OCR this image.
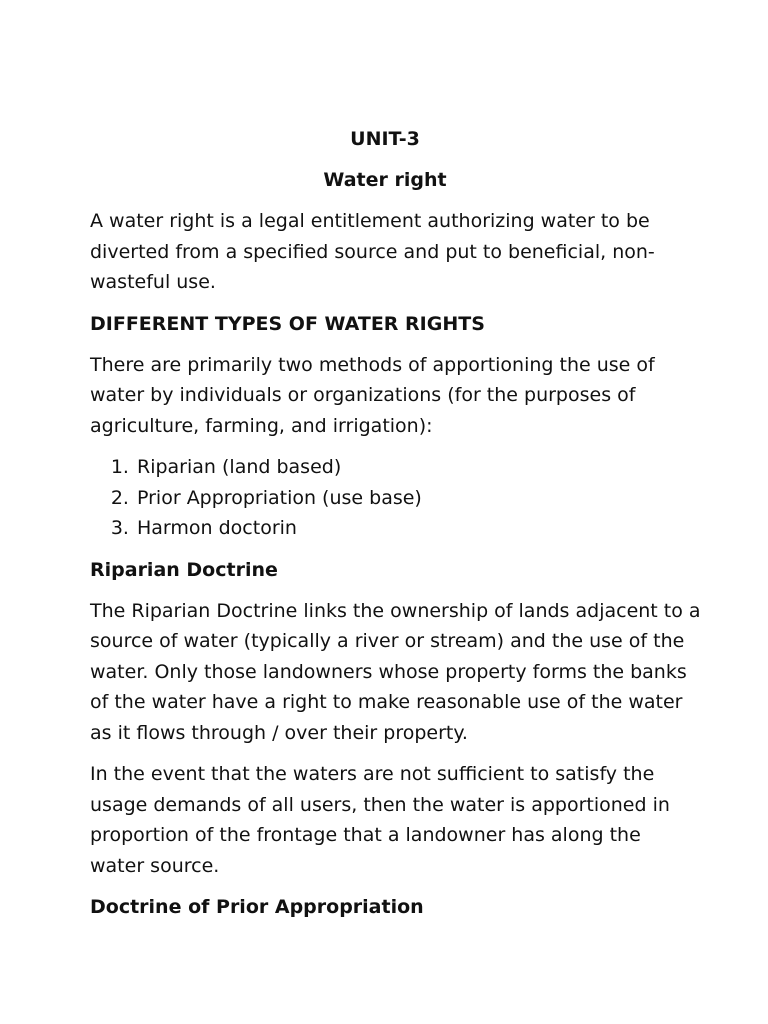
UNIT-3
Water right

A water right is a legal entitlement authorizing water to be
diverted from a specified source and put to beneficial, non-
wasteful use.

DIFFERENT TYPES OF WATER RIGHTS

There are primarily two methods of apportioning the use of
water by individuals or organizations (for the purposes of
agriculture, farming, and irrigation):

1. Riparian (land based)
2. Prior Appropriation (use base)
3. Harmon doctorin
Riparian Doctrine

The Riparian Doctrine links the ownership of lands adjacent to a
source of water (typically a river or stream) and the use of the
water. Only those landowners whose property forms the banks
of the water have a right to make reasonable use of the water
as it flows through / over their property.

In the event that the waters are not sufficient to satisfy the
usage demands of all users, then the water is apportioned in
proportion of the frontage that a landowner has along the
water source.

Doctrine of Prior Appropriation
